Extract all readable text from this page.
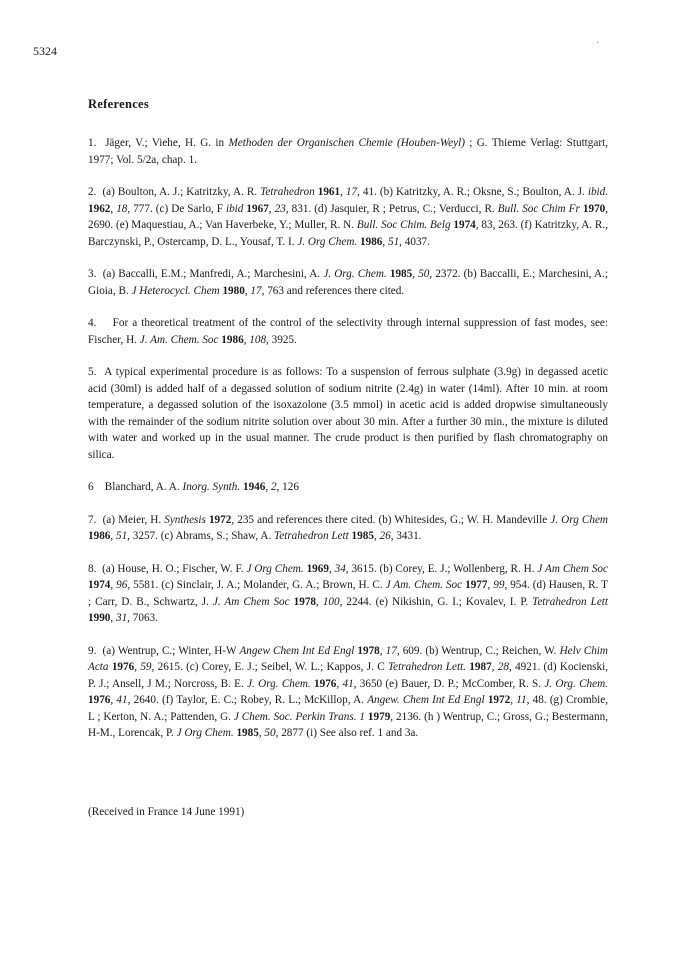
5324
·
References

1. Jäger, V.; Viehe, H. G. in Methoden der Organischen Chemie (Houben-Weyl) ; G. Thieme Verlag: Stuttgart, 1977; Vol. 5/2a, chap. 1.

2. (a) Boulton, A. J.; Katritzky, A. R. Tetrahedron 1961, 17, 41. (b) Katritzky, A. R.; Oksne, S.; Boulton, A. J. ibid. 1962, 18, 777. (c) De Sarlo, F ibid 1967, 23, 831. (d) Jasquier, R ; Petrus, C.; Verducci, R. Bull. Soc Chim Fr 1970, 2690. (e) Maquestiau, A.; Van Haverbeke, Y.; Muller, R. N. Bull. Soc Chim. Belg 1974, 83, 263. (f) Katritzky, A. R., Barczynski, P., Ostercamp, D. L., Yousaf, T. I. J. Org Chem. 1986, 51, 4037.

3. (a) Baccalli, E.M.; Manfredi, A.; Marchesini, A. J. Org. Chem. 1985, 50, 2372. (b) Baccalli, E.; Marchesini, A.; Gioia, B. J Heterocycl. Chem 1980, 17, 763 and references there cited.

4. For a theoretical treatment of the control of the selectivity through internal suppression of fast modes, see: Fischer, H. J. Am. Chem. Soc 1986, 108, 3925.

5. A typical experimental procedure is as follows: To a suspension of ferrous sulphate (3.9g) in degassed acetic acid (30ml) is added half of a degassed solution of sodium nitrite (2.4g) in water (14ml). After 10 min. at room temperature, a degassed solution of the isoxazolone (3.5 mmol) in acetic acid is added dropwise simultaneously with the remainder of the sodium nitrite solution over about 30 min. After a further 30 min., the mixture is diluted with water and worked up in the usual manner. The crude product is then purified by flash chromatography on silica.

6 Blanchard, A. A. Inorg. Synth. 1946, 2, 126

7. (a) Meier, H. Synthesis 1972, 235 and references there cited. (b) Whitesides, G.; W. H. Mandeville J. Org Chem 1986, 51, 3257. (c) Abrams, S.; Shaw, A. Tetrahedron Lett 1985, 26, 3431.

8. (a) House, H. O.; Fischer, W. F. J Org Chem. 1969, 34, 3615. (b) Corey, E. J.; Wollenberg, R. H. J Am Chem Soc 1974, 96, 5581. (c) Sinclair, J. A.; Molander, G. A.; Brown, H. C. J Am. Chem. Soc 1977, 99, 954. (d) Hausen, R. T ; Carr, D. B., Schwartz, J. J. Am Chem Soc 1978, 100, 2244. (e) Nikishin, G. I.; Kovalev, I. P. Tetrahedron Lett 1990, 31, 7063.

9. (a) Wentrup, C.; Winter, H-W Angew Chem Int Ed Engl 1978, 17, 609. (b) Wentrup, C.; Reichen, W. Helv Chim Acta 1976, 59, 2615. (c) Corey, E. J.; Seibel, W. L.; Kappos, J. C Tetrahedron Lett. 1987, 28, 4921. (d) Kocienski, P. J.; Ansell, J M.; Norcross, B. E. J. Org. Chem. 1976, 41, 3650 (e) Bauer, D. P.; McComber, R. S. J. Org. Chem. 1976, 41, 2640. (f) Taylor, E. C.; Robey, R. L.; McKillop, A. Angew. Chem Int Ed Engl 1972, 11, 48. (g) Crombie, L ; Kerton, N. A.; Pattenden, G. J Chem. Soc. Perkin Trans. 1 1979, 2136. (h ) Wentrup, C.; Gross, G.; Bestermann, H-M., Lorencak, P. J Org Chem. 1985, 50, 2877 (i) See also ref. 1 and 3a.

(Received in France 14 June 1991)
